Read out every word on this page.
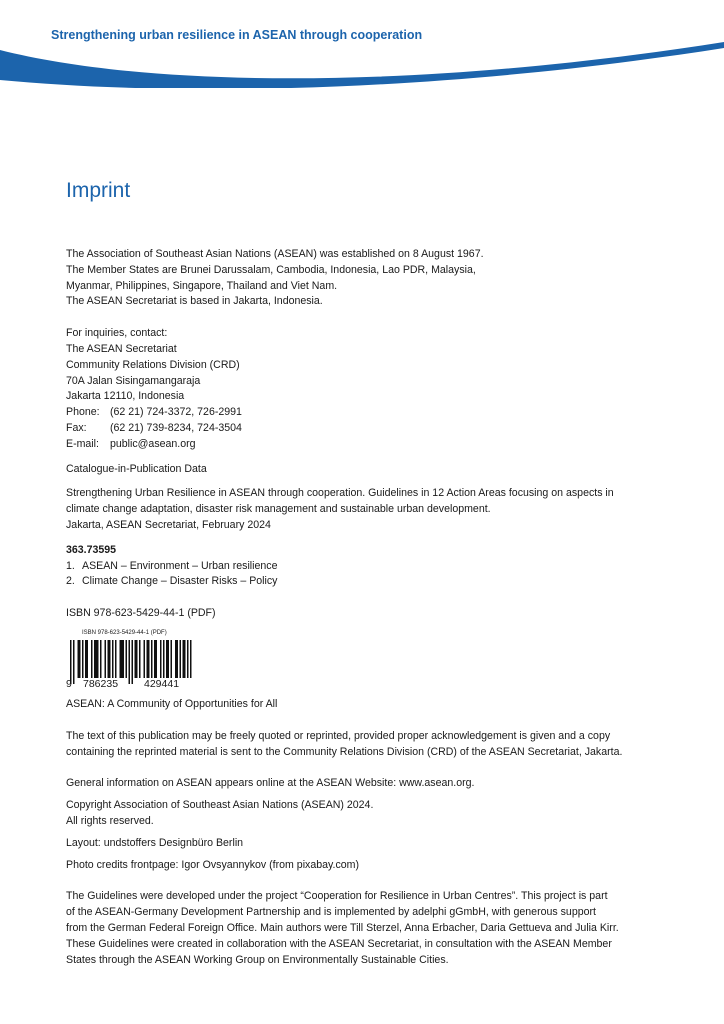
Strengthening urban resilience in ASEAN through cooperation
Imprint

The Association of Southeast Asian Nations (ASEAN) was established on 8 August 1967.

The Member States are Brunei Darussalam, Cambodia, Indonesia, Lao PDR, Malaysia,

Myanmar, Philippines, Singapore, Thailand and Viet Nam.

The ASEAN Secretariat is based in Jakarta, Indonesia.

For inquiries, contact:

The ASEAN Secretariat

Community Relations Division (CRD)

70A Jalan Sisingamangaraja

Jakarta 12110, Indonesia

Phone: (62 21) 724-3372, 726-2991
Fax:	(62 21) 739-8234, 724-3504
E-mail:	public@asean.org

Catalogue-in-Publication Data

Strengthening Urban Resilience in ASEAN through cooperation. Guidelines in 12 Action Areas focusing on aspects in

climate change adaptation, disaster risk management and sustainable urban development.

Jakarta, ASEAN Secretariat, February 2024

363.73595

1. ASEAN – Environment – Urban resilience
2. Climate Change – Disaster Risks – Policy

ISBN 978-623-5429-44-1 (PDF)

ISBN 978-623-5429-44-1 (PDF)
9 786235 429441

ASEAN: A Community of Opportunities for All

The text of this publication may be freely quoted or reprinted, provided proper acknowledgement is given and a copy

containing the reprinted material is sent to the Community Relations Division (CRD) of the ASEAN Secretariat, Jakarta.

General information on ASEAN appears online at the ASEAN Website: www.asean.org.

Copyright Association of Southeast Asian Nations (ASEAN) 2024.

All rights reserved.

Layout: undstoffers Designbüro Berlin

Photo credits frontpage: Igor Ovsyannykov (from pixabay.com)

The Guidelines were developed under the project “Cooperation for Resilience in Urban Centres”. This project is part

of the ASEAN-Germany Development Partnership and is implemented by adelphi gGmbH, with generous support

from the German Federal Foreign Office. Main authors were Till Sterzel, Anna Erbacher, Daria Gettueva and Julia Kirr.

These Guidelines were created in collaboration with the ASEAN Secretariat, in consultation with the ASEAN Member

States through the ASEAN Working Group on Environmentally Sustainable Cities.
